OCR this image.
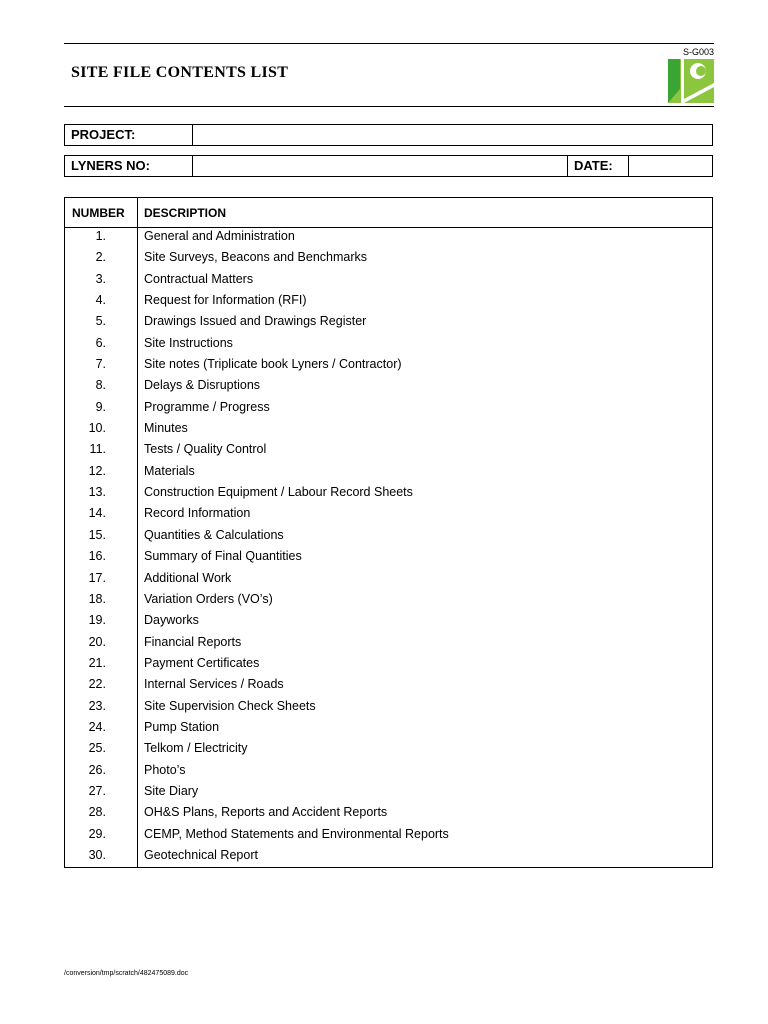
S-G003
SITE FILE CONTENTS LIST
PROJECT:
LYNERS NO:	DATE:
NUMBER DESCRIPTION
1.	General and Administration
2.	Site Surveys, Beacons and Benchmarks
3.	Contractual Matters
4.	Request for Information (RFI)
5.	Drawings Issued and Drawings Register
6.	Site Instructions
7.	Site notes (Triplicate book Lyners / Contractor)
8.	Delays & Disruptions
9.	Programme / Progress
10.	Minutes
11.	Tests / Quality Control
12.	Materials
13.	Construction Equipment / Labour Record Sheets
14.	Record Information
15.	Quantities & Calculations
16.	Summary of Final Quantities
17.	Additional Work
18.	Variation Orders (VO’s)
19.	Dayworks
20.	Financial Reports
21.	Payment Certificates
22.	Internal Services / Roads
23.	Site Supervision Check Sheets
24.	Pump Station
25.	Telkom / Electricity
26.	Photo’s
27.	Site Diary
28.	OH&S Plans, Reports and Accident Reports
29.	CEMP, Method Statements and Environmental Reports
30.	Geotechnical Report
/conversion/tmp/scratch/482475089.doc
